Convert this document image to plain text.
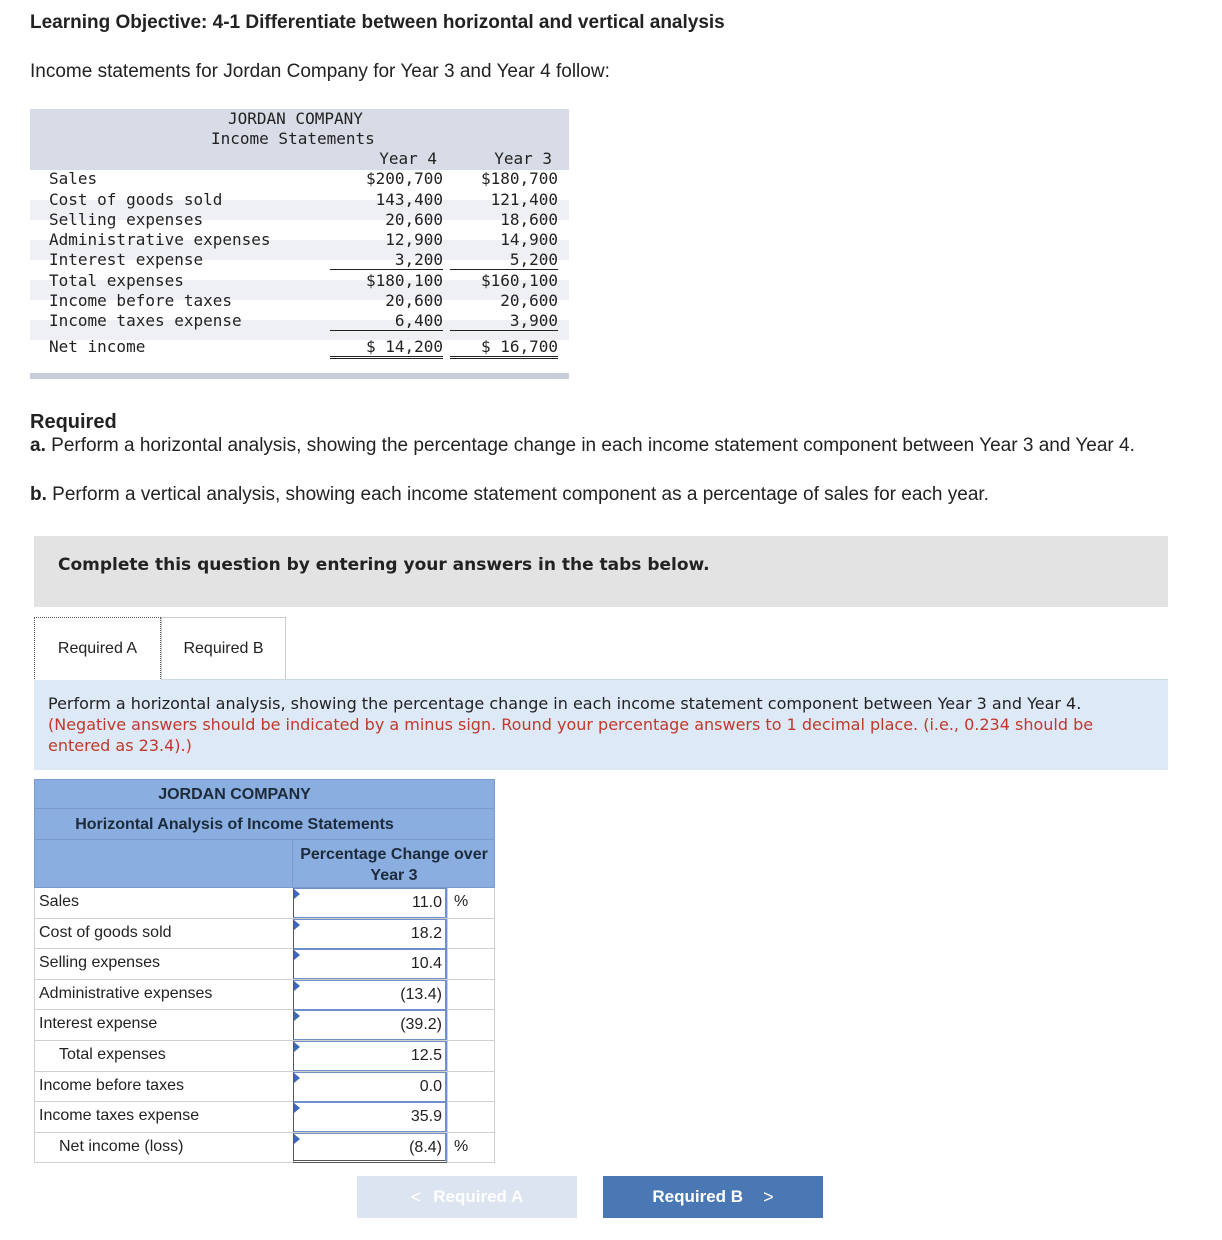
Learning Objective: 4-1 Differentiate between horizontal and vertical analysis
Income statements for Jordan Company for Year 3 and Year 4 follow:
JORDAN COMPANY
Income Statements
Year 4	Year 3
Sales	$200,700	$180,700
Cost of goods sold	143,400	121,400
Selling expenses	20,600	18,600
Administrative expenses	12,900	14,900
Interest expense	3,200	5,200
Total expenses	$180,100	$160,100
Income before taxes	20,600	20,600
Income taxes expense	6,400	3,900
Net income	$ 14,200	$ 16,700
Required
a. Perform a horizontal analysis, showing the percentage change in each income statement component between Year 3 and Year 4.
b. Perform a vertical analysis, showing each income statement component as a percentage of sales for each year.
Complete this question by entering your answers in the tabs below.
Required A	Required B
Perform a horizontal analysis, showing the percentage change in each income statement component between Year 3 and Year 4. (Negative answers should be indicated by a minus sign. Round your percentage answers to 1 decimal place. (i.e., 0.234 should be entered as 23.4).)
JORDAN COMPANY
Horizontal Analysis of Income Statements
Percentage Change over Year 3
Sales	11.0 %
Cost of goods sold	18.2
Selling expenses	10.4
Administrative expenses	(13.4)
Interest expense	(39.2)
Total expenses	12.5
Income before taxes	0.0
Income taxes expense	35.9
Net income (loss)	(8.4) %
< Required A	Required B >
